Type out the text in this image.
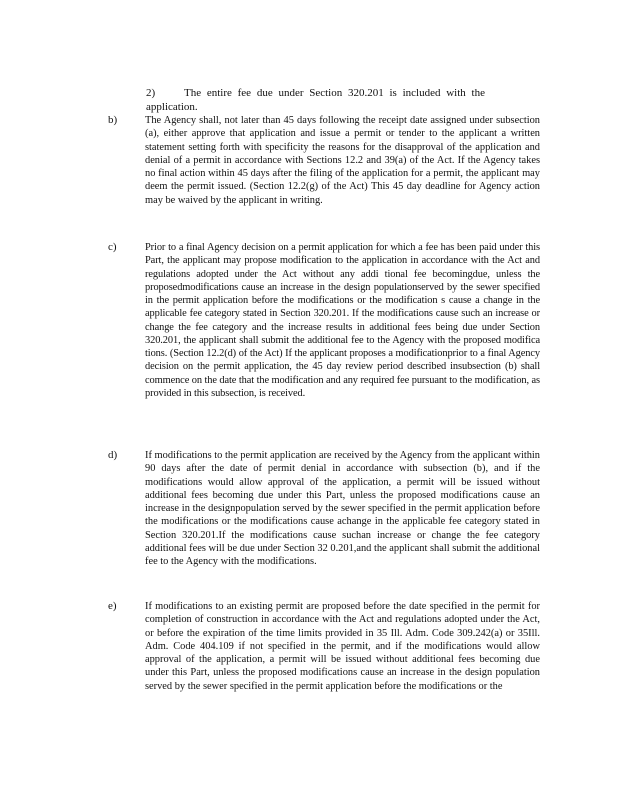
2)	The entire fee due under Section 320.201 is included with the application.
b)	The Agency shall, not later than 45 days following the receipt date assigned under subsection (a), either approve that application and issue a permit or tender to the applicant a written statement setting forth with specificity the reasons for the disapproval of the application and denial of a permit in accordance with Sections 12.2 and 39(a) of the Act. If the Agency takes no final action within 45 days after the filing of the application for a permit, the applicant may deem the permit issued. (Section 12.2(g) of the Act) This 45 day deadline for Agency action may be waived by the applicant in writing.
c)	Prior to a final Agency decision on a permit application for which a fee has been paid under this Part, the applicant may propose modification to the application in accordance with the Act and regulations adopted under the Act without any addi tional fee becomingdue, unless the proposedmodifications cause an increase in the design populationserved by the sewer specified in the permit application before the modifications or the modification s cause a change in the applicable fee category stated in Section 320.201. If the modifications cause such an increase or change the fee category and the increase results in additional fees being due under Section 320.201, the applicant shall submit the additional fee to the Agency with the proposed modifica tions. (Section 12.2(d) of the Act) If the applicant proposes a modificationprior to a final Agency decision on the permit application, the 45 day review period described insubsection (b) shall commence on the date that the modification and any required fee pursuant to the modification, as provided in this subsection, is received.
d)	If modifications to the permit application are received by the Agency from the applicant within 90 days after the date of permit denial in accordance with subsection (b), and if the modifications would allow approval of the application, a permit will be issued without additional fees becoming due under this Part, unless the proposed modifications cause an increase in the designpopulation served by the sewer specified in the permit application before the modifications or the modifications cause achange in the applicable fee category stated in Section 320.201.If the modifications cause suchan increase or change the fee category additional fees will be due under Section 32 0.201,and the applicant shall submit the additional fee to the Agency with the modifications.
e)	If modifications to an existing permit are proposed before the date specified in the permit for completion of construction in accordance with the Act and regulations adopted under the Act, or before the expiration of the time limits provided in 35 Ill. Adm. Code 309.242(a) or 35Ill. Adm. Code 404.109 if not specified in the permit, and if the modifications would allow approval of the application, a permit will be issued without additional fees becoming due under this Part, unless the proposed modifications cause an increase in the design population served by the sewer specified in the permit application before the modifications or the
